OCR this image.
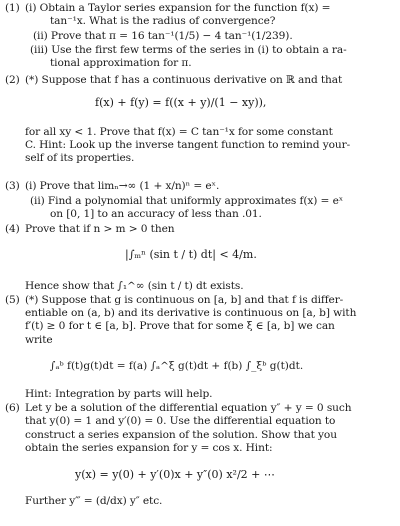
(1) (i) Obtain a Taylor series expansion for the function f(x) =
tan⁻¹x. What is the radius of convergence?
(ii) Prove that π = 16 tan⁻¹(1/5) − 4 tan⁻¹(1/239).
(iii) Use the first few terms of the series in (i) to obtain a ra-
tional approximation for π.
(2) (*) Suppose that f has a continuous derivative on ℝ and that
f(x) + f(y) = f((x + y)/(1 − xy)),
for all xy < 1. Prove that f(x) = C tan⁻¹x for some constant
C. Hint: Look up the inverse tangent function to remind your-
self of its properties.
(3) (i) Prove that limₙ→∞ (1 + x/n)ⁿ = eˣ.
(ii) Find a polynomial that uniformly approximates f(x) = eˣ
on [0, 1] to an accuracy of less than .01.
(4) Prove that if n > m > 0 then
|∫ₘⁿ (sin t / t) dt| < 4/m.
Hence show that ∫₁^∞ (sin t / t) dt exists.
(5) (*) Suppose that g is continuous on [a, b] and that f is differ-
entiable on (a, b) and its derivative is continuous on [a, b] with
f′(t) ≥ 0 for t ∈ [a, b]. Prove that for some ξ ∈ [a, b] we can
write
∫ₐᵇ f(t)g(t)dt = f(a) ∫ₐ^ξ g(t)dt + f(b) ∫_ξᵇ g(t)dt.
Hint: Integration by parts will help.
(6) Let y be a solution of the differential equation y″ + y = 0 such
that y(0) = 1 and y′(0) = 0. Use the differential equation to
construct a series expansion of the solution. Show that you
obtain the series expansion for y = cos x. Hint:
y(x) = y(0) + y′(0)x + y″(0) x²/2 + ⋯
Further y‴ = (d/dx) y″ etc.
